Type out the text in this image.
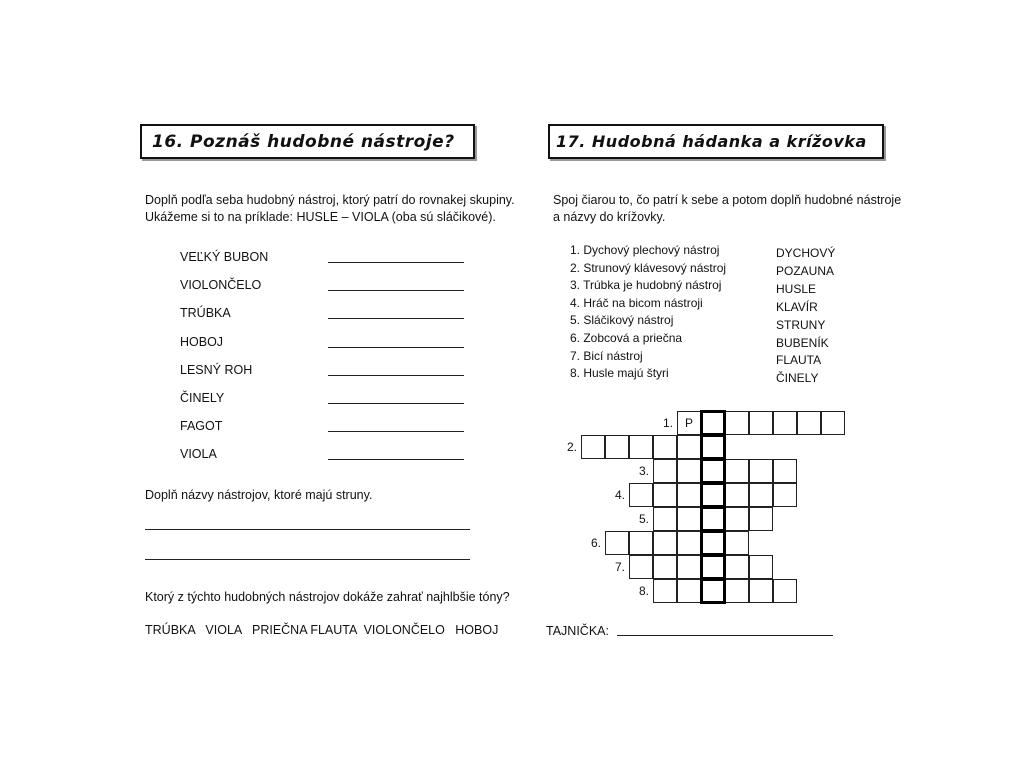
16. Poznáš hudobné nástroje?
Doplň podľa seba hudobný nástroj, ktorý patrí do rovnakej skupiny.
Ukážeme si to na príklade: HUSLE – VIOLA (oba sú sláčikové).
VEĽKÝ BUBON
VIOLONČELO
TRÚBKA
HOBOJ
LESNÝ ROH
ČINELY
FAGOT
VIOLA
Doplň názvy nástrojov, ktoré majú struny.
Ktorý z týchto hudobných nástrojov dokáže zahrať najhlbšie tóny?
TRÚBKA   VIOLA   PRIEČNA FLAUTA  VIOLONČELO   HOBOJ
17. Hudobná hádanka a krížovka
Spoj čiarou to, čo patrí k sebe a potom doplň hudobné nástroje
a názvy do krížovky.
1. Dychový plechový nástroj
2. Strunový klávesový nástroj
3. Trúbka je hudobný nástroj
4. Hráč na bicom nástroji
5. Sláčikový nástroj
6. Zobcová a priečna
7. Bicí nástroj
8. Husle majú štyri
DYCHOVÝ
POZAUNA
HUSLE
KLAVÍR
STRUNY
BUBENÍK
FLAUTA
ČINELY
1. P
2.
3.
4.
5.
6.
7.
8.
TAJNIČKA:
